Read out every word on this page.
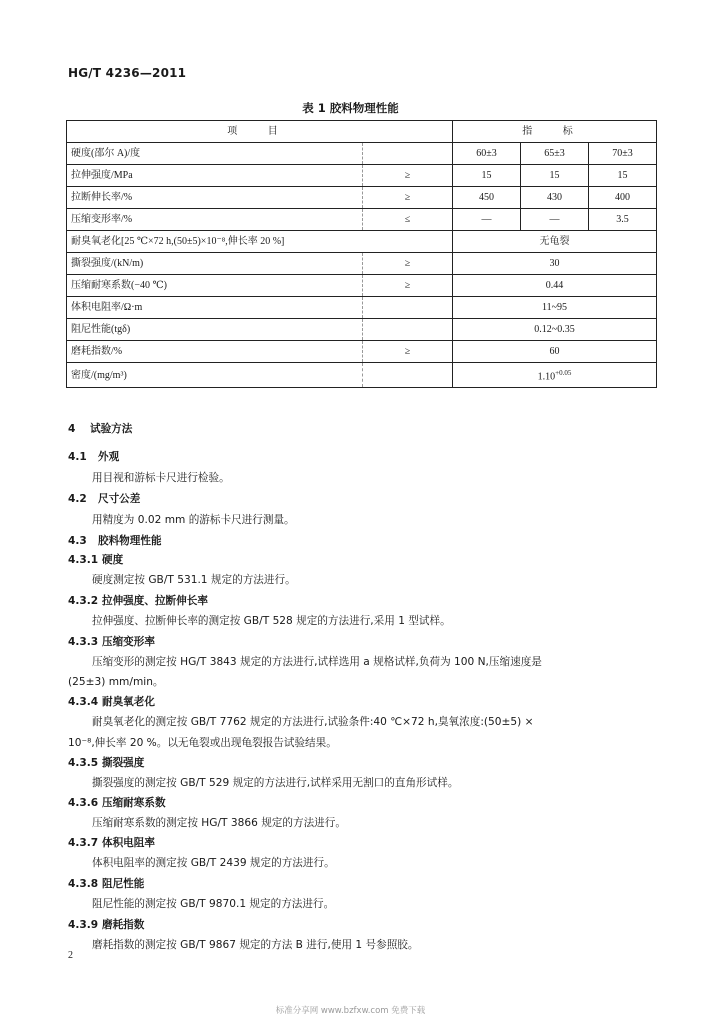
HG/T 4236—2011
表 1 胶料物理性能
项 目		指 标		
硬度(邵尔 A)/度		60±3	65±3	70±3
拉伸强度/MPa	≥	15	15	15
拉断伸长率/%	≥	450	430	400
压缩变形率/%	≤	—	—	3.5
耐臭氧老化[25 ℃×72 h,(50±5)×10⁻⁸,伸长率 20 %]		无龟裂		
撕裂强度/(kN/m)	≥	30		
压缩耐寒系数(−40 ℃)	≥	0.44		
体积电阻率/Ω·m		11~95		
阻尼性能(tgδ)		0.12~0.35		
磨耗指数/%	≥	60		
密度/(mg/m³)		$1.10^{+0.05}$
4 试验方法
4.1 外观
用目视和游标卡尺进行检验。
4.2 尺寸公差
用精度为 0.02 mm 的游标卡尺进行测量。
4.3 胶料物理性能
4.3.1 硬度
硬度测定按 GB/T 531.1 规定的方法进行。
4.3.2 拉伸强度、拉断伸长率
拉伸强度、拉断伸长率的测定按 GB/T 528 规定的方法进行,采用 1 型试样。
4.3.3 压缩变形率
压缩变形的测定按 HG/T 3843 规定的方法进行,试样选用 a 规格试样,负荷为 100 N,压缩速度是
(25±3) mm/min。
4.3.4 耐臭氧老化
耐臭氧老化的测定按 GB/T 7762 规定的方法进行,试验条件:40 ℃×72 h,臭氧浓度:(50±5) ×
10⁻⁸,伸长率 20 %。以无龟裂或出现龟裂报告试验结果。
4.3.5 撕裂强度
撕裂强度的测定按 GB/T 529 规定的方法进行,试样采用无割口的直角形试样。
4.3.6 压缩耐寒系数
压缩耐寒系数的测定按 HG/T 3866 规定的方法进行。
4.3.7 体积电阻率
体积电阻率的测定按 GB/T 2439 规定的方法进行。
4.3.8 阻尼性能
阻尼性能的测定按 GB/T 9870.1 规定的方法进行。
4.3.9 磨耗指数
磨耗指数的测定按 GB/T 9867 规定的方法 B 进行,使用 1 号参照胶。
2
标准分享网 www.bzfxw.com 免费下载
